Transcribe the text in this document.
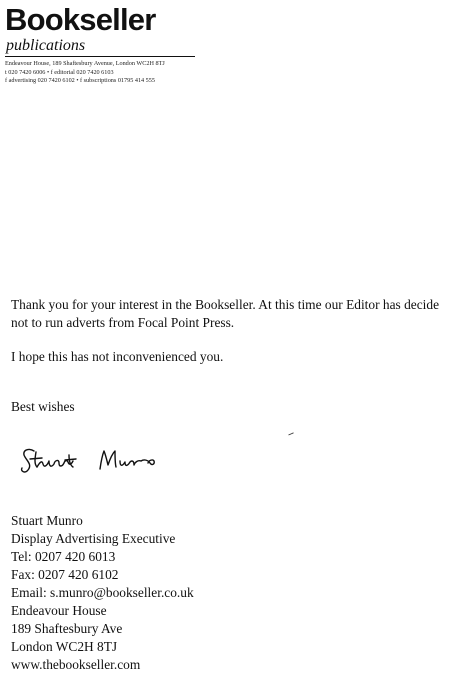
Bookseller
publications
Endeavour House, 189 Shaftesbury Avenue, London WC2H 8TJ
t 020 7420 6006 • f editorial 020 7420 6103
f advertising 020 7420 6102 • f subscriptions 01795 414 555

Thank you for your interest in the Bookseller. At this time our Editor has decide not to run adverts from Focal Point Press.

I hope this has not inconvenienced you.

Best wishes

Stuart Munro
Display Advertising Executive
Tel: 0207 420 6013
Fax: 0207 420 6102
Email: s.munro@bookseller.co.uk
Endeavour House
189 Shaftesbury Ave
London WC2H 8TJ
www.thebookseller.com
